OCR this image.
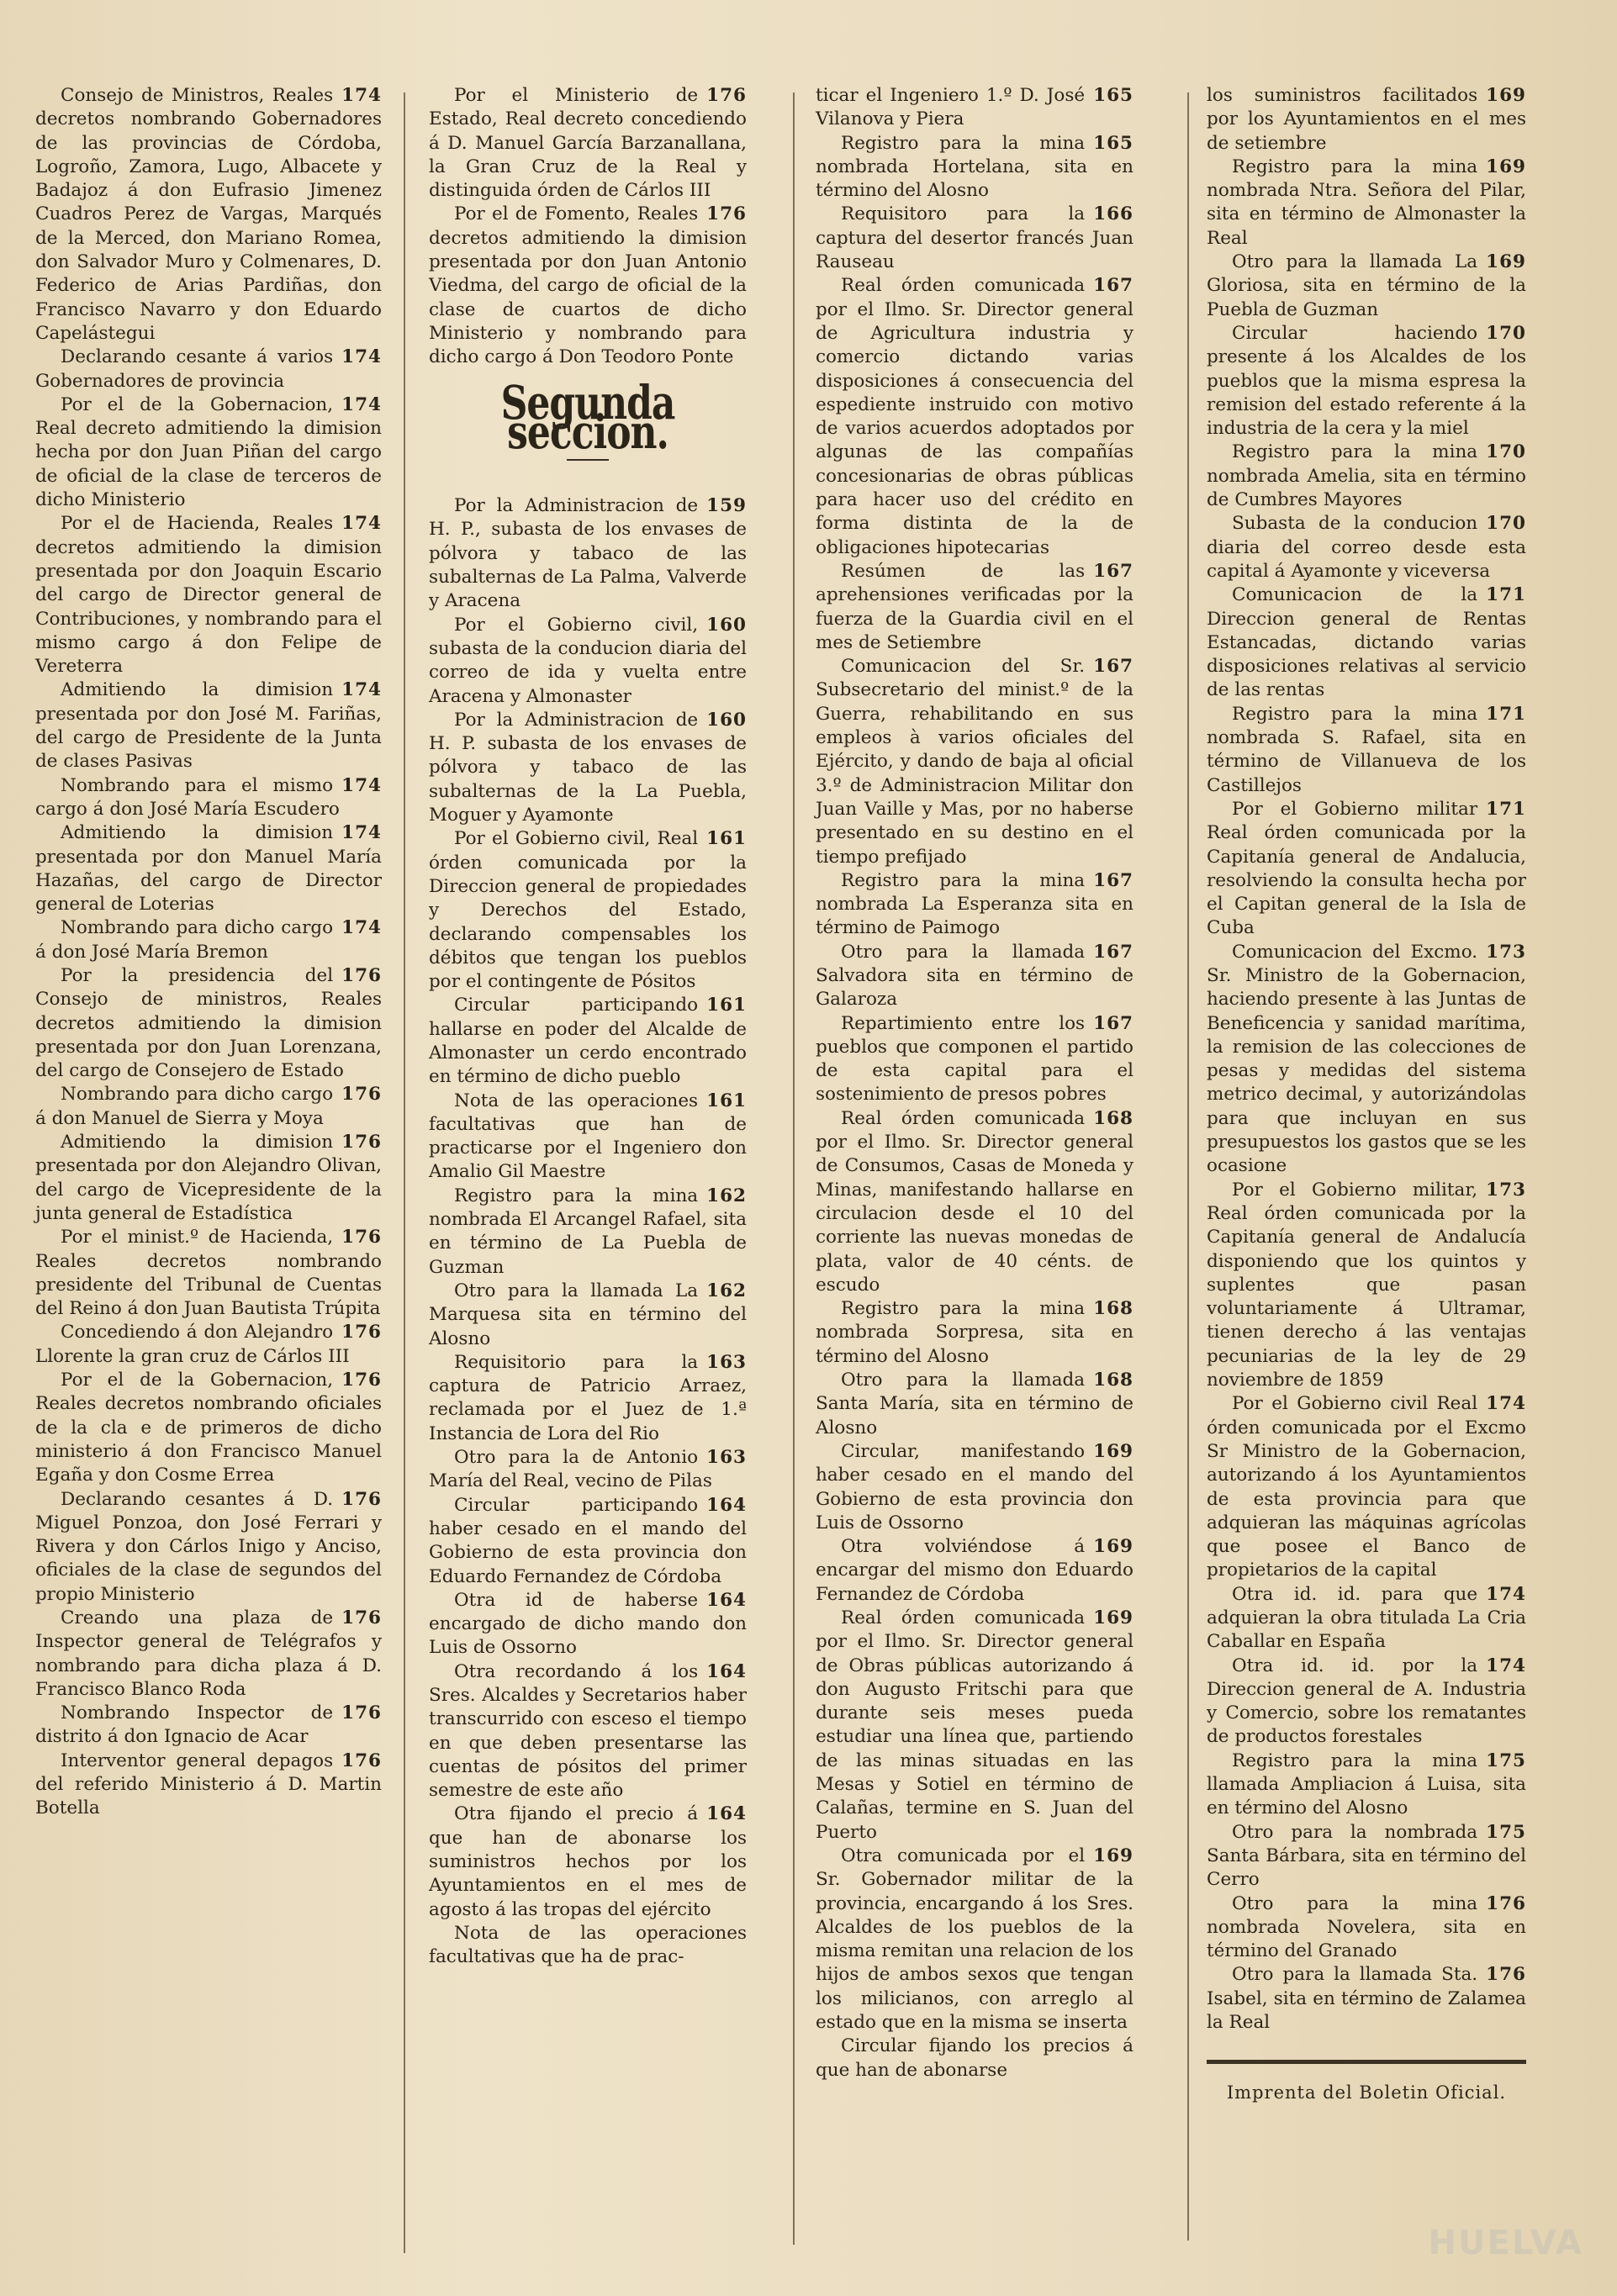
174
Consejo de Ministros, Reales decretos nombrando Gobernadores de las provincias de Córdoba, Logroño, Zamora, Lugo, Albacete y Badajoz á don Eufrasio Jimenez Cuadros Perez de Vargas, Marqués de la Merced, don Mariano Romea, don Salvador Muro y Colmenares, D. Federico de Arias Pardiñas, don Francisco Navarro y don Eduardo Capelástegui

174
Declarando cesante á varios Gobernadores de provincia

174
Por el de la Gobernacion, Real decreto admitiendo la dimision hecha por don Juan Piñan del cargo de oficial de la clase de terceros de dicho Ministerio

174
Por el de Hacienda, Reales decretos admitiendo la dimision presentada por don Joaquin Escario del cargo de Director general de Contribuciones, y nombrando para el mismo cargo á don Felipe de Vereterra

174
Admitiendo la dimision presentada por don José M. Fariñas, del cargo de Presidente de la Junta de clases Pasivas

174
Nombrando para el mismo cargo á don José María Escudero

174
Admitiendo la dimision presentada por don Manuel María Hazañas, del cargo de Director general de Loterias

174
Nombrando para dicho cargo á don José María Bremon

176
Por la presidencia del Consejo de ministros, Reales decretos admitiendo la dimision presentada por don Juan Lorenzana, del cargo de Consejero de Estado

176
Nombrando para dicho cargo á don Manuel de Sierra y Moya

176
Admitiendo la dimision presentada por don Alejandro Olivan, del cargo de Vicepresidente de la junta general de Estadística

176
Por el minist.º de Hacienda, Reales decretos nombrando presidente del Tribunal de Cuentas del Reino á don Juan Bautista Trúpita

176
Concediendo á don Alejandro Llorente la gran cruz de Cárlos III

176
Por el de la Gobernacion, Reales decretos nombrando oficiales de la cla e de primeros de dicho ministerio á don Francisco Manuel Egaña y don Cosme Errea

176
Declarando cesantes á D. Miguel Ponzoa, don José Ferrari y Rivera y don Cárlos Inigo y Anciso, oficiales de la clase de segundos del propio Ministerio

176
Creando una plaza de Inspector general de Telégrafos y nombrando para dicha plaza á D. Francisco Blanco Roda

176
Nombrando Inspector de distrito á don Ignacio de Acar

176
Interventor general depagos del referido Ministerio á D. Martin Botella

176
Por el Ministerio de Estado, Real decreto concediendo á D. Manuel García Barzanallana, la Gran Cruz de la Real y distinguida órden de Cárlos III

176
Por el de Fomento, Reales decretos admitiendo la dimision presentada por don Juan Antonio Viedma, del cargo de oficial de la clase de cuartos de dicho Ministerio y nombrando para dicho cargo á Don Teodoro Ponte

Segunda seccion.

159
Por la Administracion de H. P., subasta de los envases de pólvora y tabaco de las subalternas de La Palma, Valverde y Aracena

160
Por el Gobierno civil, subasta de la conducion diaria del correo de ida y vuelta entre Aracena y Almonaster

160
Por la Administracion de H. P. subasta de los envases de pólvora y tabaco de las subalternas de la La Puebla, Moguer y Ayamonte

161
Por el Gobierno civil, Real órden comunicada por la Direccion general de propiedades y Derechos del Estado, declarando compensables los débitos que tengan los pueblos por el contingente de Pósitos

161
Circular participando hallarse en poder del Alcalde de Almonaster un cerdo encontrado en término de dicho pueblo

161
Nota de las operaciones facultativas que han de practicarse por el Ingeniero don Amalio Gil Maestre

162
Registro para la mina nombrada El Arcangel Rafael, sita en término de La Puebla de Guzman

162
Otro para la llamada La Marquesa sita en término del Alosno

163
Requisitorio para la captura de Patricio Arraez, reclamada por el Juez de 1.ª Instancia de Lora del Rio

163
Otro para la de Antonio María del Real, vecino de Pilas

164
Circular participando haber cesado en el mando del Gobierno de esta provincia don Eduardo Fernandez de Córdoba

164
Otra id de haberse encargado de dicho mando don Luis de Ossorno

164
Otra recordando á los Sres. Alcaldes y Secretarios haber transcurrido con esceso el tiempo en que deben presentarse las cuentas de pósitos del primer semestre de este año

164
Otra fijando el precio á que han de abonarse los suministros hechos por los Ayuntamientos en el mes de agosto á las tropas del ejército

Nota de las operaciones facultativas que ha de prac-

165
ticar el Ingeniero 1.º D. José Vilanova y Piera

165
Registro para la mina nombrada Hortelana, sita en término del Alosno

166
Requisitoro para la captura del desertor francés Juan Rauseau

167
Real órden comunicada por el Ilmo. Sr. Director general de Agricultura industria y comercio dictando varias disposiciones á consecuencia del espediente instruido con motivo de varios acuerdos adoptados por algunas de las compañías concesionarias de obras públicas para hacer uso del crédito en forma distinta de la de obligaciones hipotecarias

167
Resúmen de las aprehensiones verificadas por la fuerza de la Guardia civil en el mes de Setiembre

167
Comunicacion del Sr. Subsecretario del minist.º de la Guerra, rehabilitando en sus empleos à varios oficiales del Ejército, y dando de baja al oficial 3.º de Administracion Militar don Juan Vaille y Mas, por no haberse presentado en su destino en el tiempo prefijado

167
Registro para la mina nombrada La Esperanza sita en término de Paimogo

167
Otro para la llamada Salvadora sita en término de Galaroza

167
Repartimiento entre los pueblos que componen el partido de esta capital para el sostenimiento de presos pobres

168
Real órden comunicada por el Ilmo. Sr. Director general de Consumos, Casas de Moneda y Minas, manifestando hallarse en circulacion desde el 10 del corriente las nuevas monedas de plata, valor de 40 cénts. de escudo

168
Registro para la mina nombrada Sorpresa, sita en término del Alosno

168
Otro para la llamada Santa María, sita en término de Alosno

169
Circular, manifestando haber cesado en el mando del Gobierno de esta provincia don Luis de Ossorno

169
Otra volviéndose á encargar del mismo don Eduardo Fernandez de Córdoba

169
Real órden comunicada por el Ilmo. Sr. Director general de Obras públicas autorizando á don Augusto Fritschi para que durante seis meses pueda estudiar una línea que, partiendo de las minas situadas en las Mesas y Sotiel en término de Calañas, termine en S. Juan del Puerto

169
Otra comunicada por el Sr. Gobernador militar de la provincia, encargando á los Sres. Alcaldes de los pueblos de la misma remitan una relacion de los hijos de ambos sexos que tengan los milicianos, con arreglo al estado que en la misma se inserta

Circular fijando los precios á que han de abonarse

169
los suministros facilitados por los Ayuntamientos en el mes de setiembre

169
Registro para la mina nombrada Ntra. Señora del Pilar, sita en término de Almonaster la Real

169
Otro para la llamada La Gloriosa, sita en término de la Puebla de Guzman

170
Circular haciendo presente á los Alcaldes de los pueblos que la misma espresa la remision del estado referente á la industria de la cera y la miel

170
Registro para la mina nombrada Amelia, sita en término de Cumbres Mayores

170
Subasta de la conducion diaria del correo desde esta capital á Ayamonte y viceversa

171
Comunicacion de la Direccion general de Rentas Estancadas, dictando varias disposiciones relativas al servicio de las rentas

171
Registro para la mina nombrada S. Rafael, sita en término de Villanueva de los Castillejos

171
Por el Gobierno militar Real órden comunicada por la Capitanía general de Andalucia, resolviendo la consulta hecha por el Capitan general de la Isla de Cuba

173
Comunicacion del Excmo. Sr. Ministro de la Gobernacion, haciendo presente à las Juntas de Beneficencia y sanidad marítima, la remision de las colecciones de pesas y medidas del sistema metrico decimal, y autorizándolas para que incluyan en sus presupuestos los gastos que se les ocasione

173
Por el Gobierno militar, Real órden comunicada por la Capitanía general de Andalucía disponiendo que los quintos y suplentes que pasan voluntariamente á Ultramar, tienen derecho á las ventajas pecuniarias de la ley de 29 noviembre de 1859

174
Por el Gobierno civil Real órden comunicada por el Excmo Sr Ministro de la Gobernacion, autorizando á los Ayuntamientos de esta provincia para que adquieran las máquinas agrícolas que posee el Banco de propietarios de la capital

174
Otra id. id. para que adquieran la obra titulada La Cria Caballar en España

174
Otra id. id. por la Direccion general de A. Industria y Comercio, sobre los rematantes de productos forestales

175
Registro para la mina llamada Ampliacion á Luisa, sita en término del Alosno

175
Otro para la nombrada Santa Bárbara, sita en término del Cerro

176
Otro para la mina nombrada Novelera, sita en término del Granado

176
Otro para la llamada Sta. Isabel, sita en término de Zalamea la Real

Imprenta del Boletin Oficial.
HUELVA
